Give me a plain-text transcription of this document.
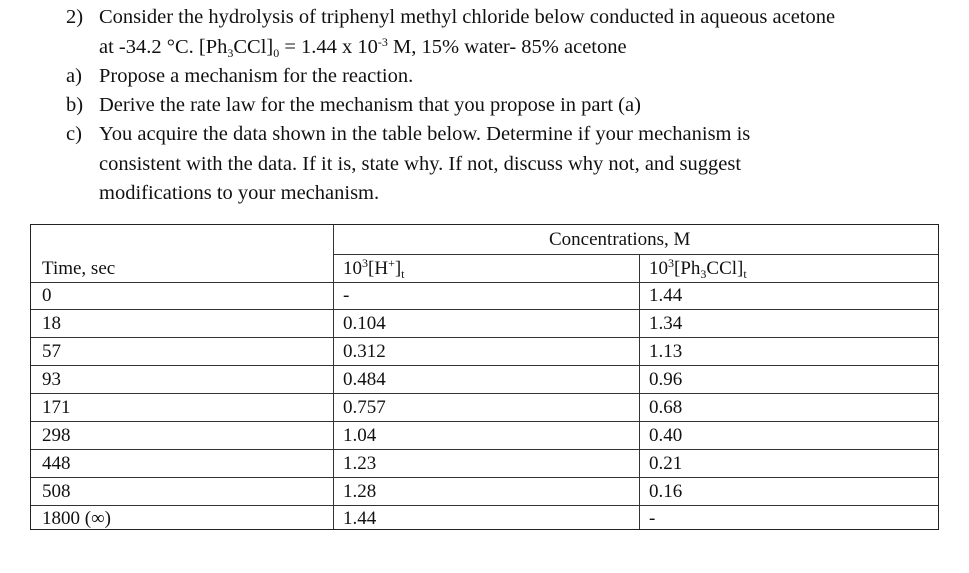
2) Consider the hydrolysis of triphenyl methyl chloride below conducted in aqueous acetone
at -34.2 °C. $[Ph_3CCl]_0 = 1.44$ x $10^{-3}$ M, 15% water- 85% acetone
a) Propose a mechanism for the reaction.
b) Derive the rate law for the mechanism that you propose in part (a)
c) You acquire the data shown in the table below. Determine if your mechanism is
consistent with the data. If it is, state why. If not, discuss why not, and suggest
modifications to your mechanism.
Concentrations, M
Time, sec	$10^3[H^+]_t$	$10^3[Ph_3CCl]_t$
0	-	1.44
18	0.104	1.34
57	0.312	1.13
93	0.484	0.96
171	0.757	0.68
298	1.04	0.40
448	1.23	0.21
508	1.28	0.16
1800 (∞)	1.44	-
